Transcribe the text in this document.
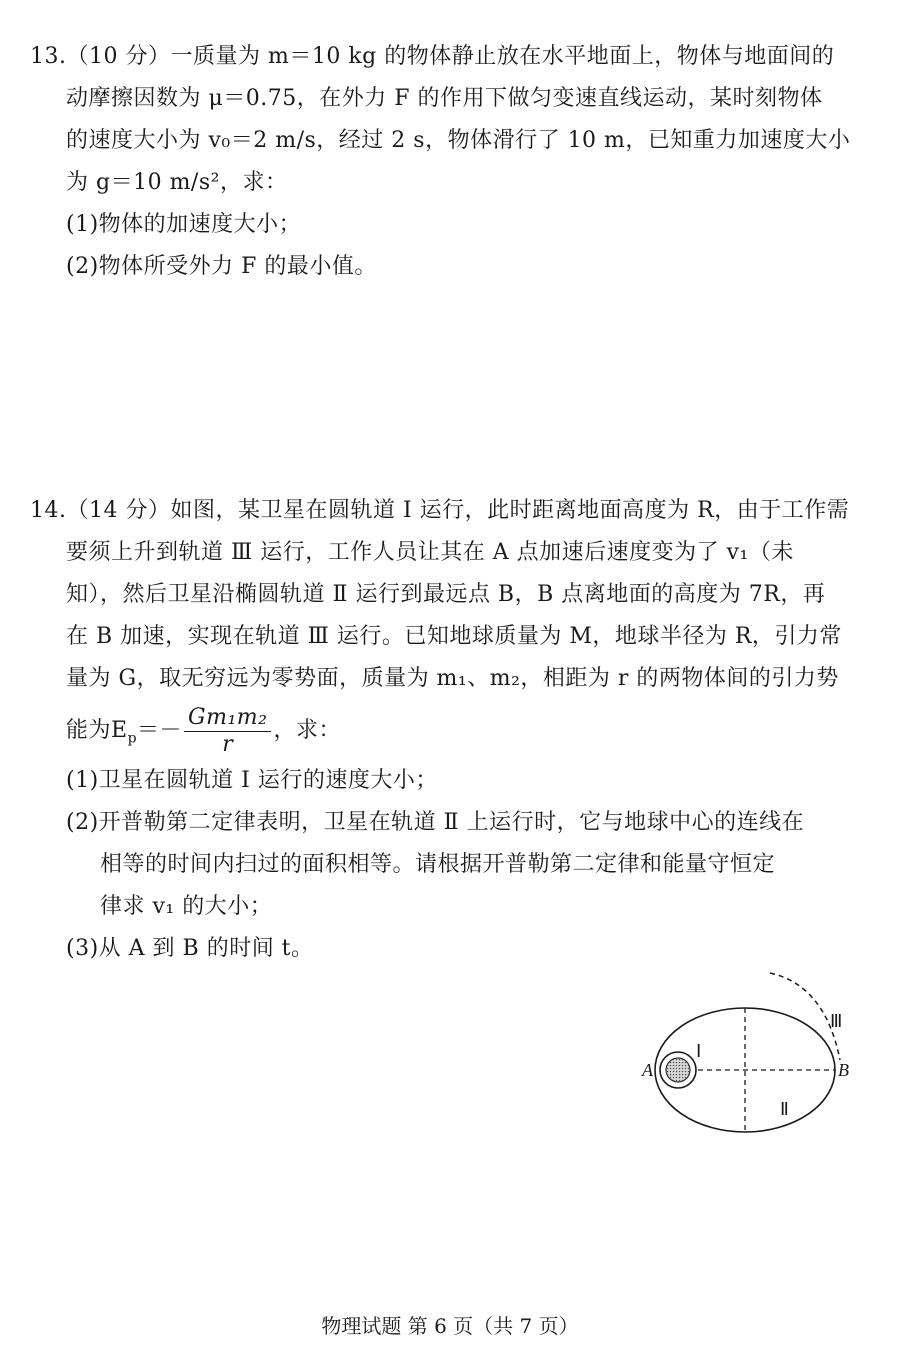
13.（10 分）一质量为 m＝10 kg 的物体静止放在水平地面上，物体与地面间的
动摩擦因数为 μ＝0.75，在外力 F 的作用下做匀变速直线运动，某时刻物体
的速度大小为 v₀＝2 m/s，经过 2 s，物体滑行了 10 m，已知重力加速度大小
为 g＝10 m/s²，求：
(1)物体的加速度大小；
(2)物体所受外力 F 的最小值。
14.（14 分）如图，某卫星在圆轨道 Ⅰ 运行，此时距离地面高度为 R，由于工作需
要须上升到轨道 Ⅲ 运行，工作人员让其在 A 点加速后速度变为了 v₁（未
知），然后卫星沿椭圆轨道 Ⅱ 运行到最远点 B，B 点离地面的高度为 7R，再
在 B 加速，实现在轨道 Ⅲ 运行。已知地球质量为 M，地球半径为 R，引力常
量为 G，取无穷远为零势面，质量为 m₁、m₂，相距为 r 的两物体间的引力势
能为$E_p=- \frac{\text{Gm₁m₂}}{r}$ ，求：
(1)卫星在圆轨道 Ⅰ 运行的速度大小；
(2)开普勒第二定律表明，卫星在轨道 Ⅱ 上运行时，它与地球中心的连线在
相等的时间内扫过的面积相等。请根据开普勒第二定律和能量守恒定
律求 v₁ 的大小；
(3)从 A 到 B 的时间 t。
A	B
Ⅰ
Ⅱ
Ⅲ
物理试题 第 6 页（共 7 页）
